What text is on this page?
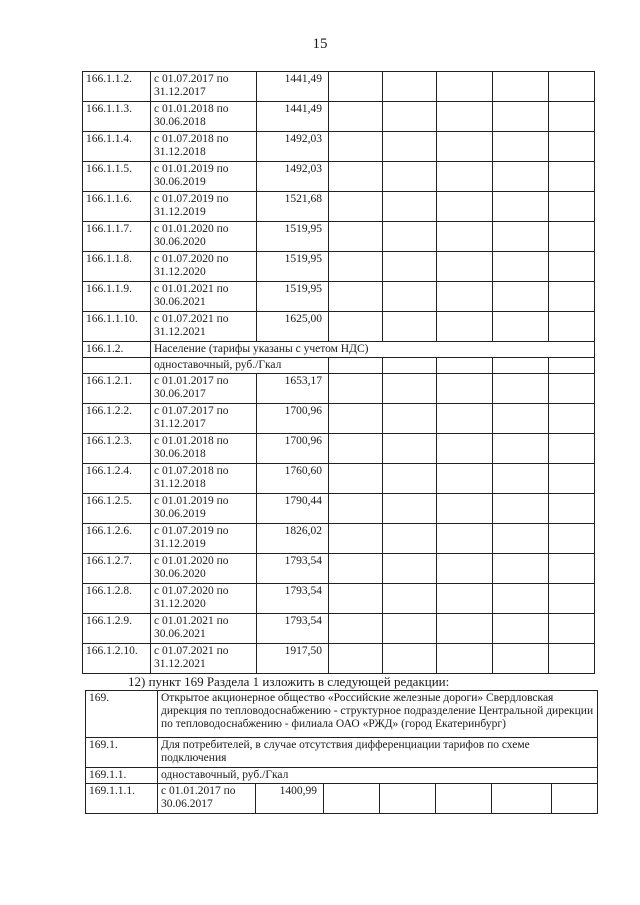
15
166.1.1.2.	с 01.07.2017 по 31.12.2017	1441,49					
166.1.1.3.	с 01.01.2018 по 30.06.2018	1441,49					
166.1.1.4.	с 01.07.2018 по 31.12.2018	1492,03					
166.1.1.5.	с 01.01.2019 по 30.06.2019	1492,03					
166.1.1.6.	с 01.07.2019 по 31.12.2019	1521,68					
166.1.1.7.	с 01.01.2020 по 30.06.2020	1519,95					
166.1.1.8.	с 01.07.2020 по 31.12.2020	1519,95					
166.1.1.9.	с 01.01.2021 по 30.06.2021	1519,95					
166.1.1.10.	с 01.07.2021 по 31.12.2021	1625,00					
166.1.2.	Население (тарифы указаны с учетом НДС)						
	одноставочный, руб./Гкал						
166.1.2.1.	с 01.01.2017 по 30.06.2017	1653,17					
166.1.2.2.	с 01.07.2017 по 31.12.2017	1700,96					
166.1.2.3.	с 01.01.2018 по 30.06.2018	1700,96					
166.1.2.4.	с 01.07.2018 по 31.12.2018	1760,60					
166.1.2.5.	с 01.01.2019 по 30.06.2019	1790,44					
166.1.2.6.	с 01.07.2019 по 31.12.2019	1826,02					
166.1.2.7.	с 01.01.2020 по 30.06.2020	1793,54					
166.1.2.8.	с 01.07.2020 по 31.12.2020	1793,54					
166.1.2.9.	с 01.01.2021 по 30.06.2021	1793,54					
166.1.2.10.	с 01.07.2021 по 31.12.2021	1917,50					
12) пункт 169 Раздела 1 изложить в следующей редакции:
169.	Открытое акционерное общество «Российские железные дороги» Свердловская дирекция по тепловодоснабжению - структурное подразделение Центральной дирекции по тепловодоснабжению - филиала ОАО «РЖД» (город Екатеринбург)						
169.1.	Для потребителей, в случае отсутствия дифференциации тарифов по схеме подключения						
169.1.1.	одноставочный, руб./Гкал						
169.1.1.1.	с 01.01.2017 по 30.06.2017	1400,99					
